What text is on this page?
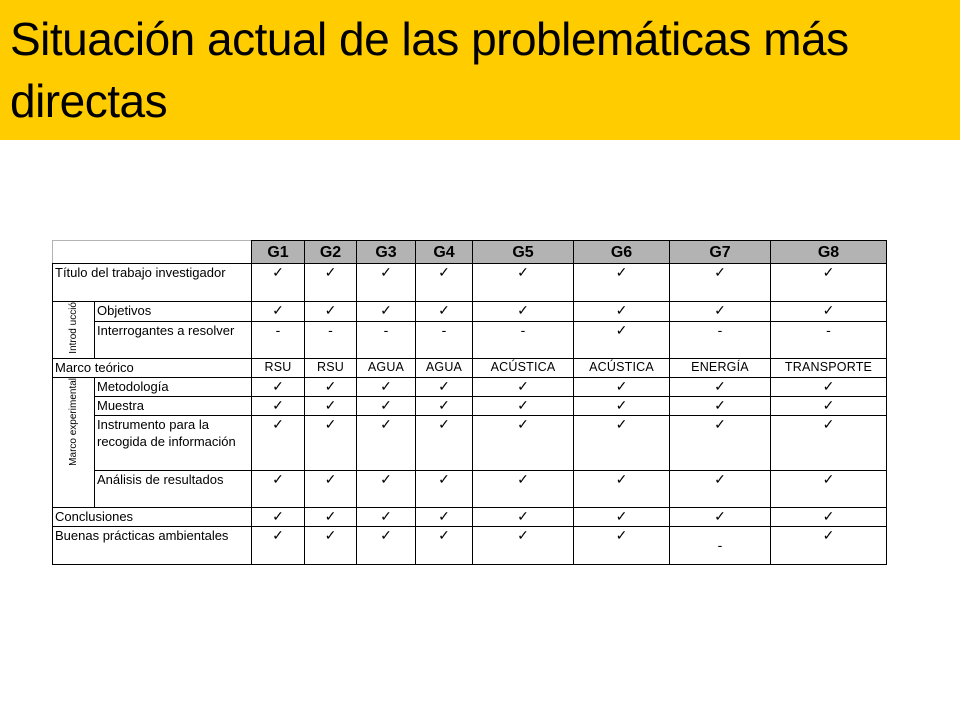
Situación actual de las problemáticas más directas
		G1	G2	G3	G4	G5	G6	G7	G8
Título del trabajo investigador		✓	✓	✓	✓	✓	✓	✓	✓
Introd ucció	Objetivos	✓	✓	✓	✓	✓	✓	✓	✓
	Interrogantes a resolver	-	-	-	-	-	✓	-	-
Marco teórico		RSU	RSU	AGUA	AGUA	ACÚSTICA	ACÚSTICA	ENERGÍA	TRANSPORTE
Marco experimental	Metodología	✓	✓	✓	✓	✓	✓	✓	✓
	Muestra	✓	✓	✓	✓	✓	✓	✓	✓
	Instrumento para la recogida de información	✓	✓	✓	✓	✓	✓	✓	✓
	Análisis de resultados	✓	✓	✓	✓	✓	✓	✓	✓
Conclusiones		✓	✓	✓	✓	✓	✓	✓	✓
Buenas prácticas ambientales		✓	✓	✓	✓	✓	✓	-	✓
